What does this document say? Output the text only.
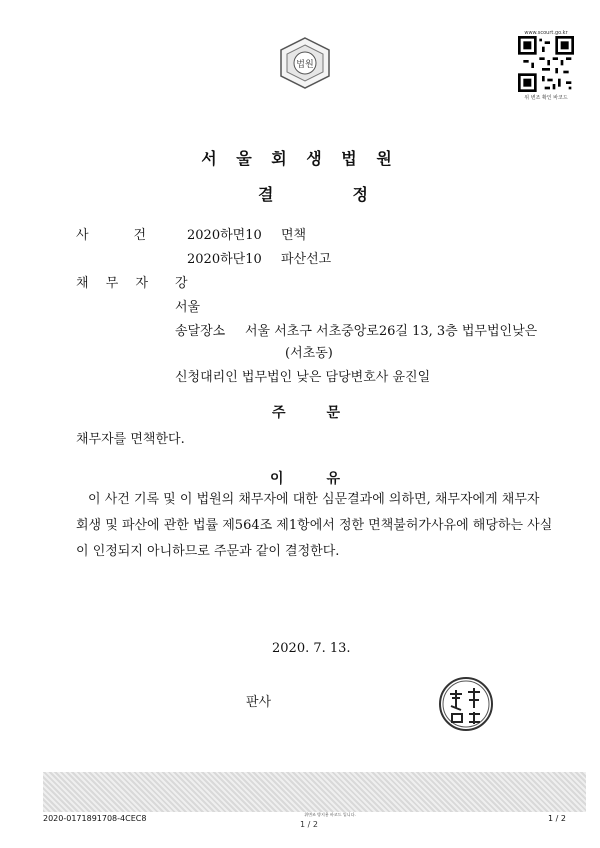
법원
www.scourt.go.kr
위 변조 확인 바코드
서 울 회 생 법 원
결	정
사	건	2020하면10 면책
2020하단10 파산선고
채 무 자 강
서울
송달장소 서울 서초구 서초중앙로26길 13, 3층 법무법인낮은
(서초동)
신청대리인 법무법인 낮은 담당변호사 윤진일
주	문
채무자를 면책한다.
이	유
이 사건 기록 및 이 법원의 채무자에 대한 심문결과에 의하면, 채무자에게 채무자
회생 및 파산에 관한 법률 제564조 제1항에서 정한 면책불허가사유에 해당하는 사실
이 인정되지 아니하므로 주문과 같이 결정한다.
2020. 7. 13.
판사
2020-0171891708-4CEC8	위변조 방지용 바코드 입니다.
1 / 2
1 / 2
